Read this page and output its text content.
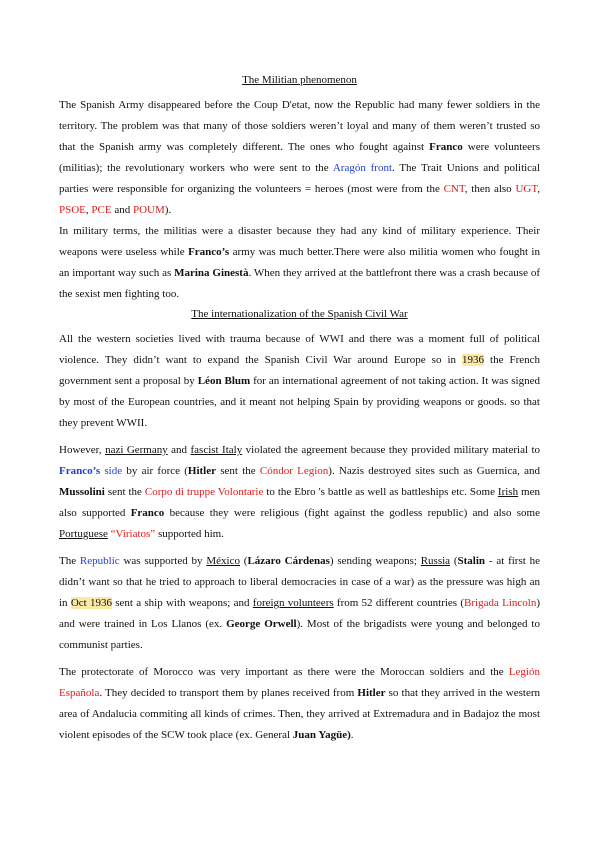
The Militian phenomenon

The Spanish Army disappeared before the Coup D'etat, now the Republic had many fewer soldiers in the territory. The problem was that many of those soldiers weren’t loyal and many of them weren’t trusted so that the Spanish army was completely different. The ones who fought against Franco were volunteers (militias); the revolutionary workers who were sent to the Aragón front. The Trait Unions and political parties were responsible for organizing the volunteers = heroes (most were from the CNT, then also UGT, PSOE, PCE and POUM).

In military terms, the militias were a disaster because they had any kind of military experience. Their weapons were useless while Franco’s army was much better.There were also militia women who fought in an important way such as Marina Ginestà. When they arrived at the battlefront there was a crash because of the sexist men fighting too.

The internationalization of the Spanish Civil War

All the western societies lived with trauma because of WWI and there was a moment full of political violence. They didn’t want to expand the Spanish Civil War around Europe so in 1936 the French government sent a proposal by Léon Blum for an international agreement of not taking action. It was signed by most of the European countries, and it meant not helping Spain by providing weapons or goods. so that they prevent WWII.

However, nazi Germany and fascist Italy violated the agreement because they provided military material to Franco’s side by air force (Hitler sent the Cóndor Legion). Nazis destroyed sites such as Guernica, and Mussolini sent the Corpo di truppe Volontarie to the Ebro 's battle as well as battleships etc. Some Irish men also supported Franco because they were religious (fight against the godless republic) and also some Portuguese “Viriatos” supported him.

The Republic was supported by México (Lázaro Cárdenas) sending weapons; Russia (Stalin - at first he didn’t want so that he tried to approach to liberal democracies in case of a war) as the pressure was high an in Oct 1936 sent a ship with weapons; and foreign volunteers from 52 different countries (Brigada Lincoln) and were trained in Los Llanos (ex. George Orwell). Most of the brigadists were young and belonged to communist parties.

The protectorate of Morocco was very important as there were the Moroccan soldiers and the Legión Española. They decided to transport them by planes received from Hitler so that they arrived in the western area of Andalucia commiting all kinds of crimes. Then, they arrived at Extremadura and in Badajoz the most violent episodes of the SCW took place (ex. General Juan Yagüe).
